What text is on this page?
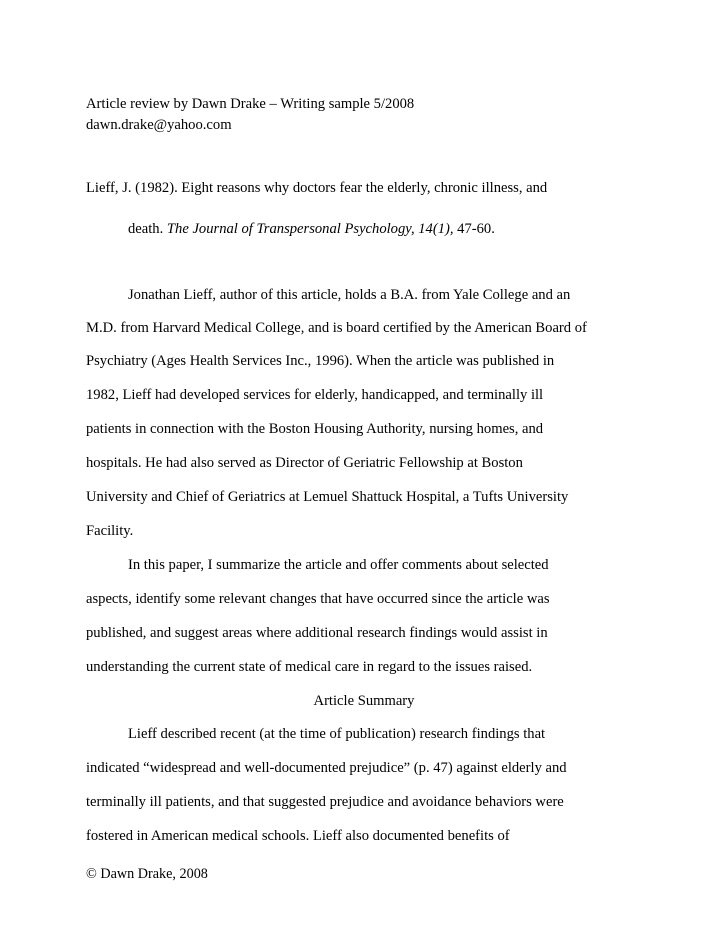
Article review by Dawn Drake – Writing sample 5/2008
dawn.drake@yahoo.com
Lieff, J. (1982). Eight reasons why doctors fear the elderly, chronic illness, and
death. The Journal of Transpersonal Psychology, 14(1), 47-60.
Jonathan Lieff, author of this article, holds a B.A. from Yale College and an
M.D. from Harvard Medical College, and is board certified by the American Board of
Psychiatry (Ages Health Services Inc., 1996). When the article was published in
1982, Lieff had developed services for elderly, handicapped, and terminally ill
patients in connection with the Boston Housing Authority, nursing homes, and
hospitals. He had also served as Director of Geriatric Fellowship at Boston
University and Chief of Geriatrics at Lemuel Shattuck Hospital, a Tufts University
Facility.
In this paper, I summarize the article and offer comments about selected
aspects, identify some relevant changes that have occurred since the article was
published, and suggest areas where additional research findings would assist in
understanding the current state of medical care in regard to the issues raised.
Article Summary
Lieff described recent (at the time of publication) research findings that
indicated “widespread and well-documented prejudice” (p. 47) against elderly and
terminally ill patients, and that suggested prejudice and avoidance behaviors were
fostered in American medical schools. Lieff also documented benefits of
© Dawn Drake, 2008
